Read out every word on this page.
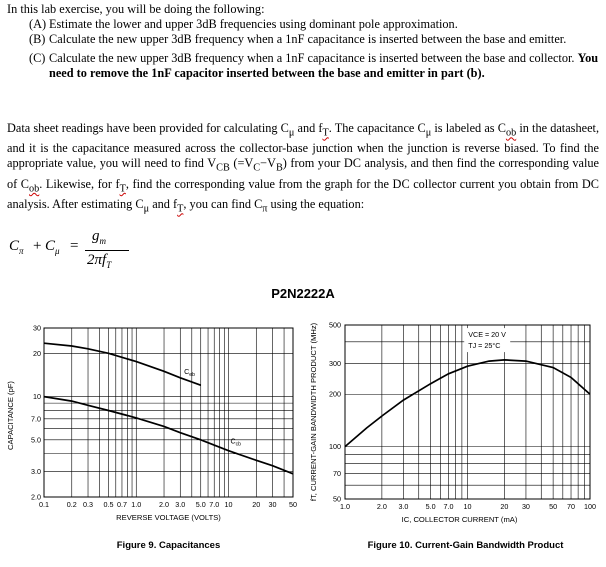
In this lab exercise, you will be doing the following:
(A) Estimate the lower and upper 3dB frequencies using dominant pole approximation.
(B) Calculate the new upper 3dB frequency when a 1nF capacitance is inserted between the base and emitter.
(C) Calculate the new upper 3dB frequency when a 1nF capacitance is inserted between the base and collector. You need to remove the 1nF capacitor inserted between the base and emitter in part (b).
Data sheet readings have been provided for calculating $C_\mu$ and $f_T$. The capacitance $C_\mu$ is labeled as $C_{ob}$ in the datasheet, and it is the capacitance measured across the collector-base junction when the junction is reverse biased. To find the appropriate value, you will need to find $V_{CB}$ $(=V_C-V_B)$ from your DC analysis, and then find the corresponding value of $C_{ob}$. Likewise, for $f_T$, find the corresponding value from the graph for the DC collector current you obtain from DC analysis. After estimating $C_\mu$ and $f_T$, you can find $C_\pi$ using the equation:
$C_\pi + C_\mu$ =
$g_m$
$2\pi f_T$
P2N2222A
30
20
10
7.0
5.0
3.0
2.0
0.1 0.2 0.3 0.5 0.7 1.0 2.0 3.0 5.0 7.0 10	20 30 50
REVERSE VOLTAGE (VOLTS)
CAPACITANCE (pF)
$C_{eb}$
$C_{cb}$
Figure 9. Capacitances
500
300
200
100
70
50
1.0	2.0 3.0 5.0 7.0 10	20 30	50 70 100
IC, COLLECTOR CURRENT (mA)
fT, CURRENT-GAIN BANDWIDTH PRODUCT (MHz)	VCE = 20 V
TJ = 25°C
Figure 10. Current-Gain Bandwidth Product
